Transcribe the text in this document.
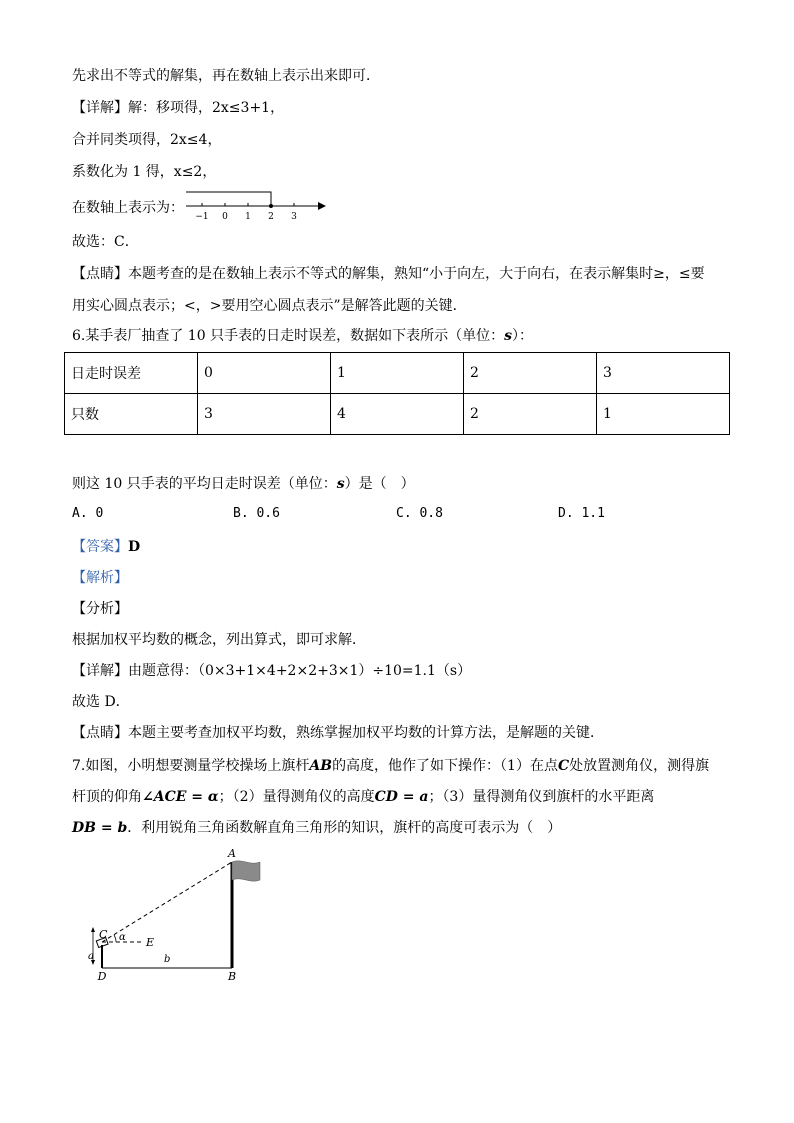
先求出不等式的解集，再在数轴上表示出来即可．
【详解】解：移项得，2x≤3+1，
合并同类项得，2x≤4，
系数化为 1 得，x≤2，
在数轴上表示为：
−1 0 1 2 3
故选：C．
【点睛】本题考查的是在数轴上表示不等式的解集，熟知“小于向左，大于向右，在表示解集时≥，≤要
用实心圆点表示；<，>要用空心圆点表示”是解答此题的关键．
6.某手表厂抽查了 10 只手表的日走时误差，数据如下表所示（单位：s）：
日走时误差	0	1	2	3
只数	3	4	2	1
则这 10 只手表的平均日走时误差（单位：s）是（　）
A. 0	B. 0.6	C. 0.8	D. 1.1
【答案】D
【解析】
【分析】
根据加权平均数的概念，列出算式，即可求解．
【详解】由题意得：（0×3+1×4+2×2+3×1）÷10=1.1（s）
故选 D．
【点睛】本题主要考查加权平均数，熟练掌握加权平均数的计算方法，是解题的关键．
7.如图，小明想要测量学校操场上旗杆AB的高度，他作了如下操作：（1）在点C处放置测角仪，测得旗
杆顶的仰角∠ACE = α；（2）量得测角仪的高度CD = a；（3）量得测角仪到旗杆的水平距离
DB = b．利用锐角三角函数解直角三角形的知识，旗杆的高度可表示为（　）
A
B
C
D
E
α
a	b
